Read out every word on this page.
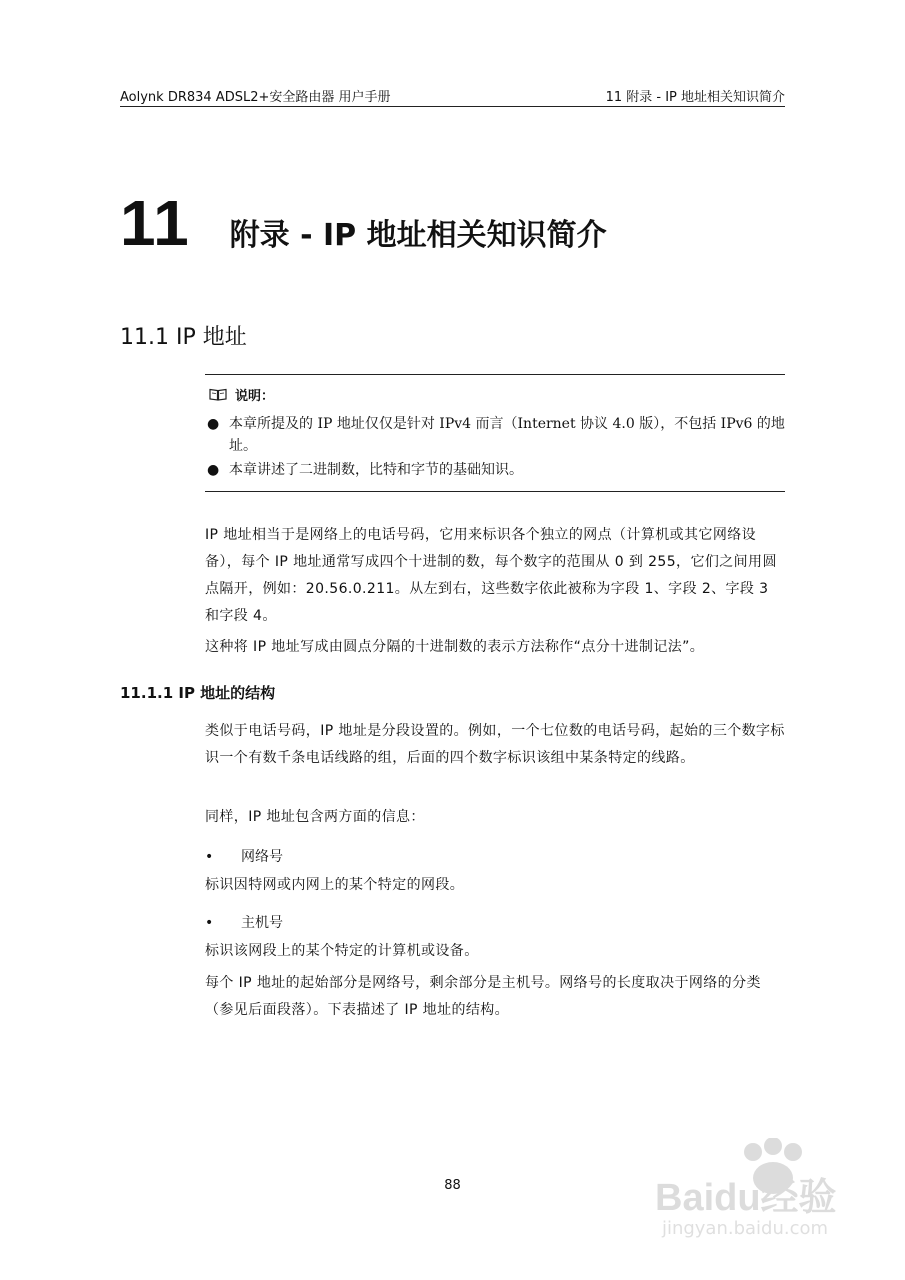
Aolynk DR834 ADSL2+安全路由器 用户手册	11 附录 - IP 地址相关知识简介
11 附录 - IP 地址相关知识简介
11.1 IP 地址
说明：
● 本章所提及的 IP 地址仅仅是针对 IPv4 而言（Internet 协议 4.0 版），不包括 IPv6 的地址。
● 本章讲述了二进制数，比特和字节的基础知识。
IP 地址相当于是网络上的电话号码，它用来标识各个独立的网点（计算机或其它网络设备），每个 IP 地址通常写成四个十进制的数，每个数字的范围从 0 到 255，它们之间用圆点隔开，例如：20.56.0.211。从左到右，这些数字依此被称为字段 1、字段 2、字段 3 和字段 4。
这种将 IP 地址写成由圆点分隔的十进制数的表示方法称作“点分十进制记法”。
11.1.1 IP 地址的结构
类似于电话号码，IP 地址是分段设置的。例如，一个七位数的电话号码，起始的三个数字标识一个有数千条电话线路的组，后面的四个数字标识该组中某条特定的线路。
同样，IP 地址包含两方面的信息：
• 网络号
标识因特网或内网上的某个特定的网段。
• 主机号
标识该网段上的某个特定的计算机或设备。
每个 IP 地址的起始部分是网络号，剩余部分是主机号。网络号的长度取决于网络的分类（参见后面段落）。下表描述了 IP 地址的结构。
88	Baidu经验
jingyan.baidu.com
